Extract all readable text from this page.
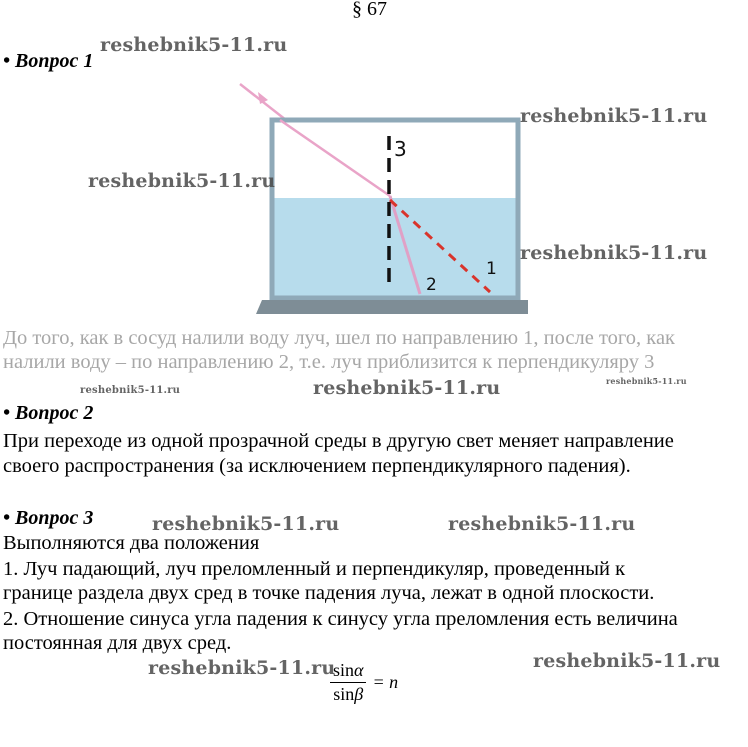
§ 67
• Вопрос 1
3
2
1

До того, как в сосуд налили воду луч, шел по направлению 1, после того, как

налили воду – по направлению 2, т.е. луч приблизится к перпендикуляру 3

• Вопрос 2

При переходе из одной прозрачной среды в другую свет меняет направление

своего распространения (за исключением перпендикулярного падения).

• Вопрос 3

Выполняются два положения

1. Луч падающий, луч преломленный и перпендикуляр, проведенный к

границе раздела двух сред в точке падения луча, лежат в одной плоскости.

2. Отношение синуса угла падения к синусу угла преломления есть величина

постоянная для двух сред.

$\frac{\sin\alpha}{\sin\beta} = n$
reshebnik5-11.ru
reshebnik5-11.ru
reshebnik5-11.ru
reshebnik5-11.ru
reshebnik5-11.ru	reshebnik5-11.ru	reshebnik5-11.ru
reshebnik5-11.ru	reshebnik5-11.ru
reshebnik5-11.ru	reshebnik5-11.ru
